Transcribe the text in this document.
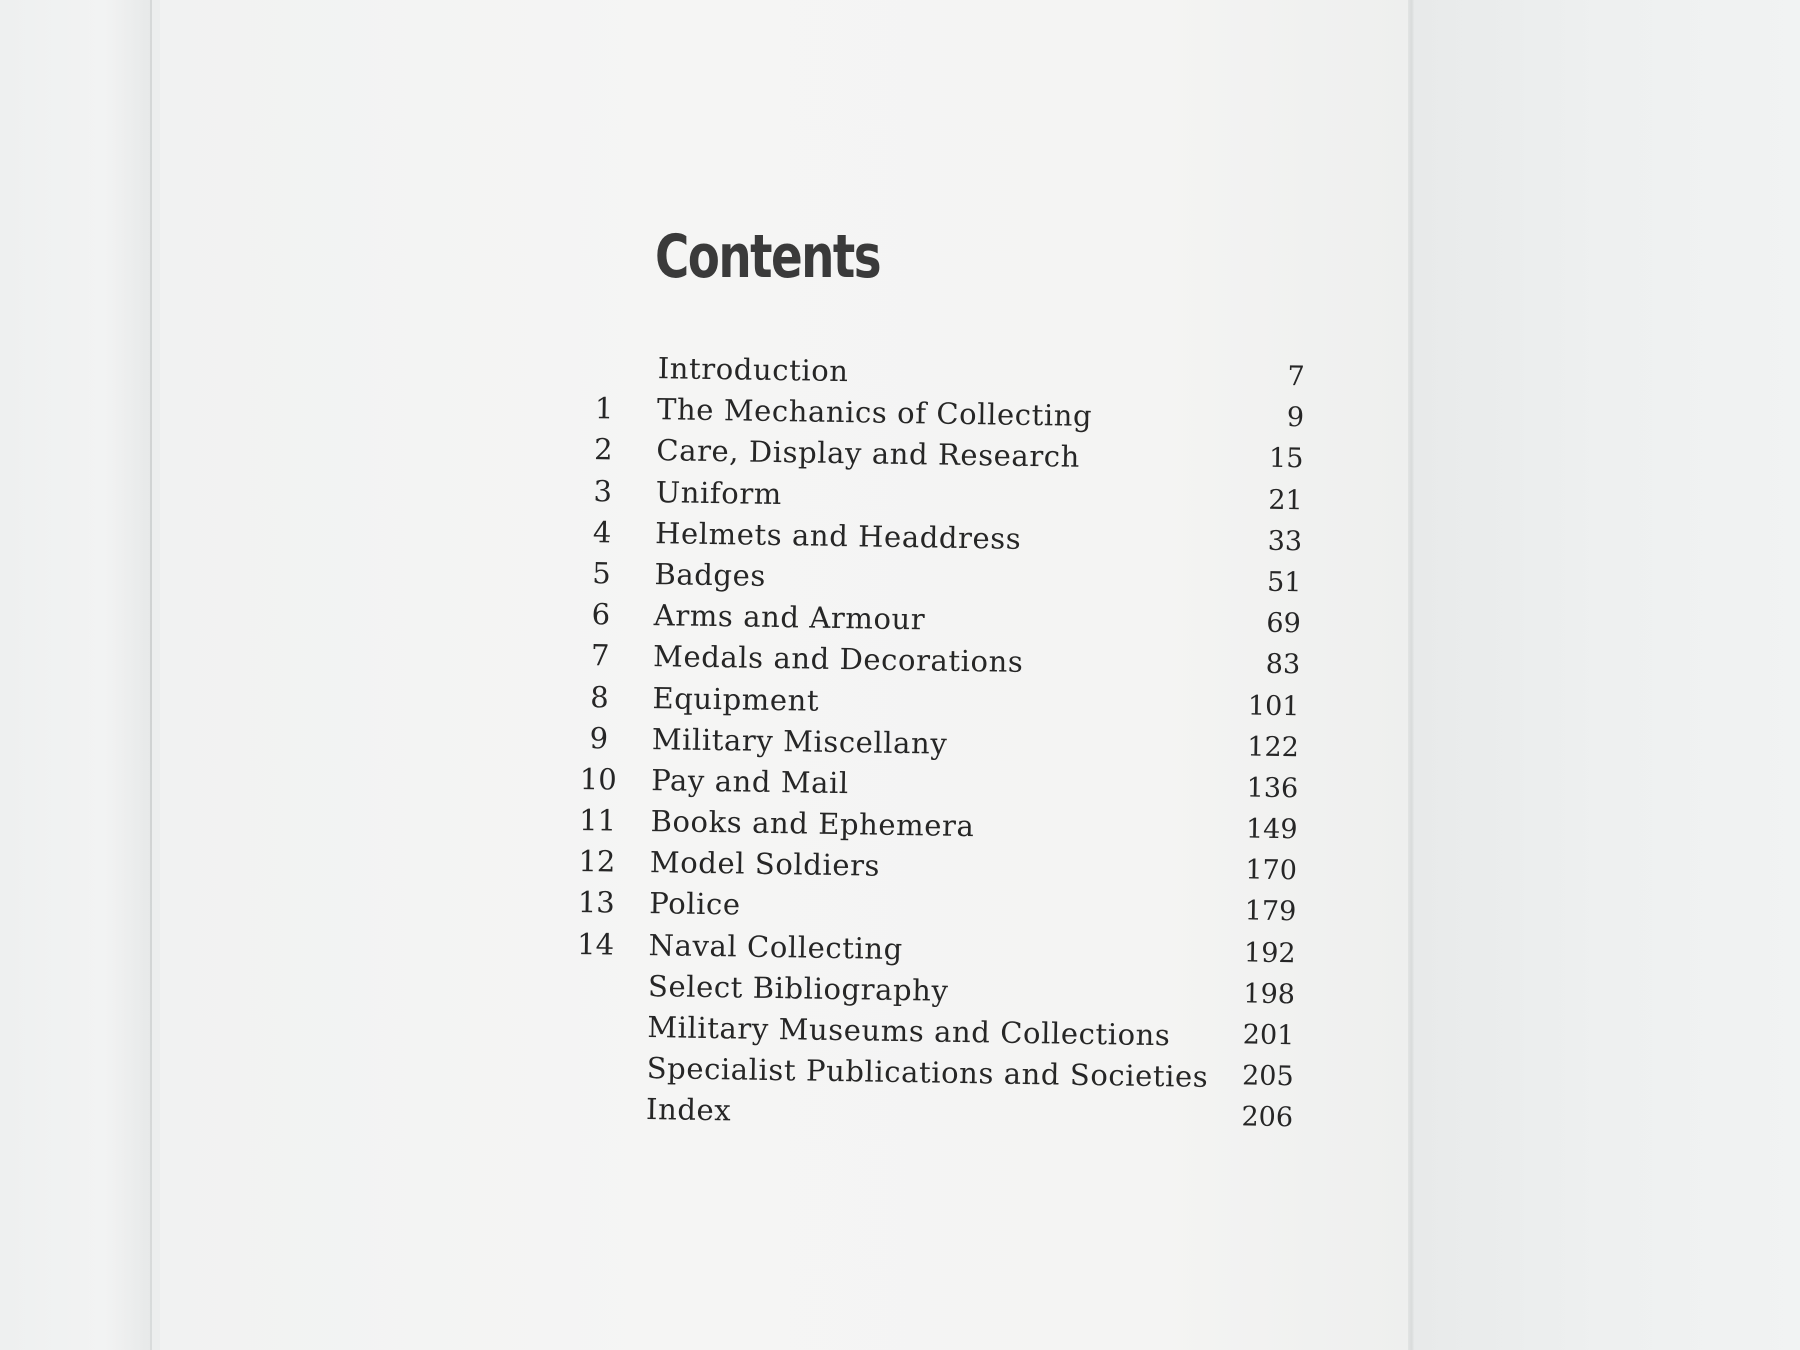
Contents
Introduction	7
1	The Mechanics of Collecting	9
2	Care, Display and Research	15
3	Uniform	21
4	Helmets and Headdress	33
5	Badges	51
6	Arms and Armour	69
7	Medals and Decorations	83
8	Equipment	101
9	Military Miscellany	122
10 Pay and Mail	136
11 Books and Ephemera	149
12 Model Soldiers	170
13 Police	179
14 Naval Collecting	192
Select Bibliography	198
Military Museums and Collections	201
Specialist Publications and Societies 205
Index	206
